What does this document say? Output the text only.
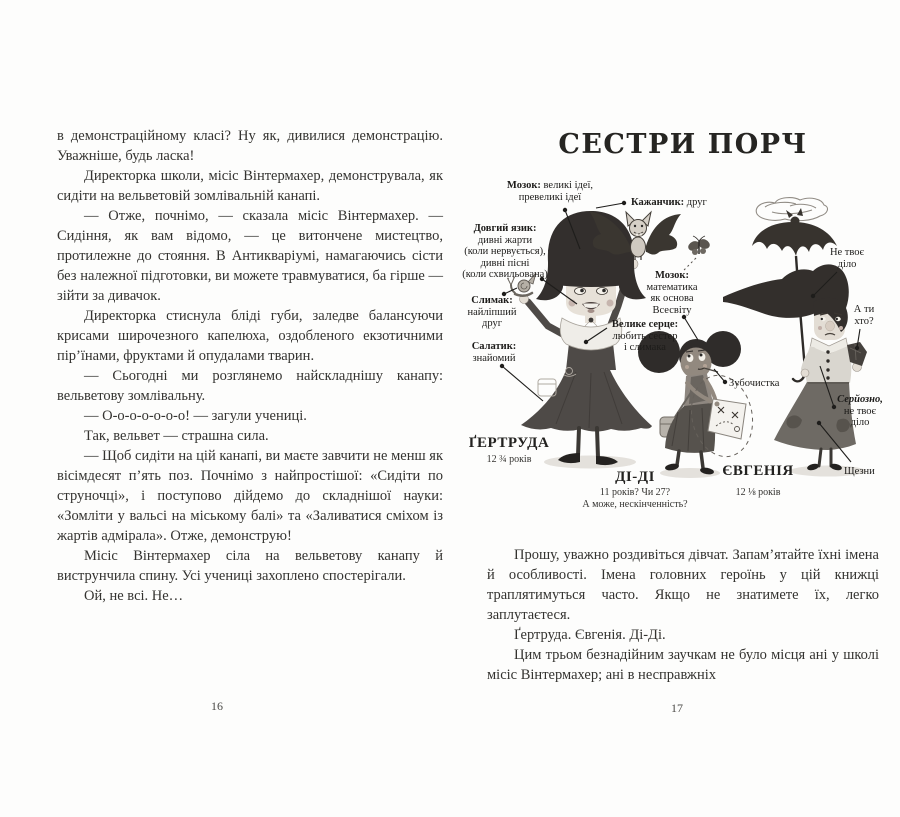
в демонстраційному класі? Ну як, дивилися демонстрацію. Уважніше, будь ласка!

Директорка школи, місіс Вінтермахер, демонструвала, як сидіти на вельветовій зомлівальній канапі.

— Отже, почнімо, — сказала місіс Вінтермахер. — Сидіння, як вам відомо, — це витончене мистецтво, протилежне до стояння. В Антикваріумі, намагаючись сісти без належної підготовки, ви можете травмуватися, ба гірше — зійти за дивачок.

Директорка стиснула бліді губи, заледве балансуючи крисами широчезного капелюха, оздобленого екзотичними пір’їнами, фруктами й опудалами тварин.

— Сьогодні ми розглянемо найскладнішу канапу: вельветову зомлівальну.

— О-о-о-о-о-о-о! — загули учениці.

Так, вельвет — страшна сила.

— Щоб сидіти на цій канапі, ви маєте завчити не менш як вісімдесят п’ять поз. Почнімо з найпростішої: «Сидіти по струночці», і поступово дійдемо до складнішої науки: «Зомліти у вальсі на міському балі» та «Заливатися сміхом із жартів адмірала». Отже, демонструю!

Місіс Вінтермахер сіла на вельветову канапу й виструнчила спину. Усі учениці захоплено спостерігали.

Ой, не всі. Не…

СЕСТРИ ПОРЧ
Мозок: великі ідеї,
превеликі ідеї	Кажанчик: друг
Довгий язик:
дивні жарти
(коли нервується),
дивні пісні
(коли схвильована)
Слимак:
найліпший
друг
Салатик:
знайомий
Мозок:
математика
як основа
Всесвіту
Велике серце:
любить сестер
і слимака
Зубочистка
Не твоє
діло
А ти
хто?
Серйозно,
не твоє
діло
Щезни
ҐЕРТРУДА
12 ¾ років
ДІ-ДІ
11 років? Чи 27?
А може, нескінченність?
ЄВГЕНІЯ
12 ⅛ років

Прошу, уважно роздивіться дівчат. Запам’ятайте їхні імена й особливості. Імена головних героїнь у цій книжці траплятимуться часто. Якщо не знатимете їх, легко заплутаєтеся.

Ґертруда. Євгенія. Ді-Ді.

Цим трьом безнадійним заучкам не було місця ані у школі місіс Вінтермахер; ані в несправжніх

16	17
